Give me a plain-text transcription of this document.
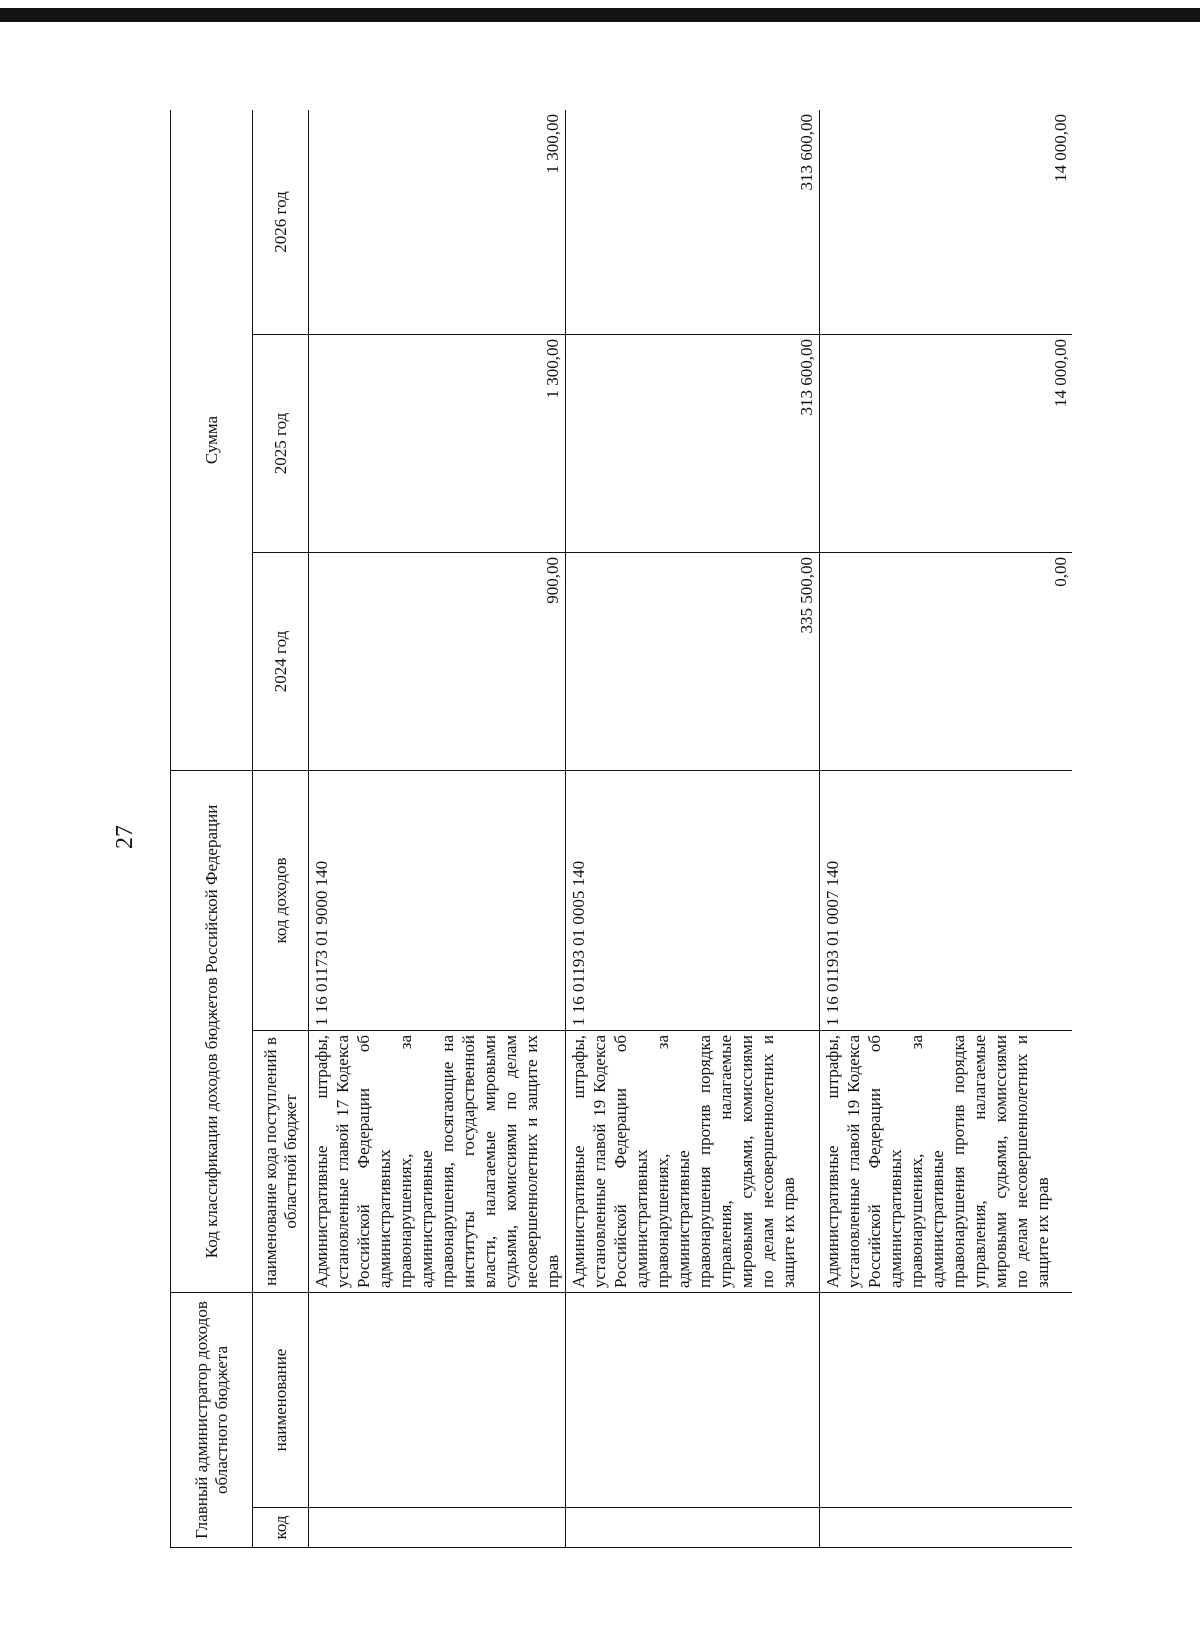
27
Главный администратор доходов областного бюджета		Код классификации доходов бюджетов Российской Федерации		Сумма		
код	наименование	наименование кода поступлений в областной бюджет	код доходов	2024 год	2025 год	2026 год
		Административные штрафы, установленные главой 17 Кодекса Российской Федерации об административных правонарушениях, за административные правонарушения, посягающие на институты государственной власти, налагаемые мировыми судьями, комиссиями по делам несовершеннолетних и защите их прав	1 16 01173 01 9000 140	900,00	1 300,00	1 300,00
		Административные штрафы, установленные главой 19 Кодекса Российской Федерации об административных правонарушениях, за административные правонарушения против порядка управления, налагаемые мировыми судьями, комиссиями по делам несовершеннолетних и защите их прав	1 16 01193 01 0005 140	335 500,00	313 600,00	313 600,00
		Административные штрафы, установленные главой 19 Кодекса Российской Федерации об административных правонарушениях, за административные правонарушения против порядка управления, налагаемые мировыми судьями, комиссиями по делам несовершеннолетних и защите их прав	1 16 01193 01 0007 140	0,00	14 000,00	14 000,00
